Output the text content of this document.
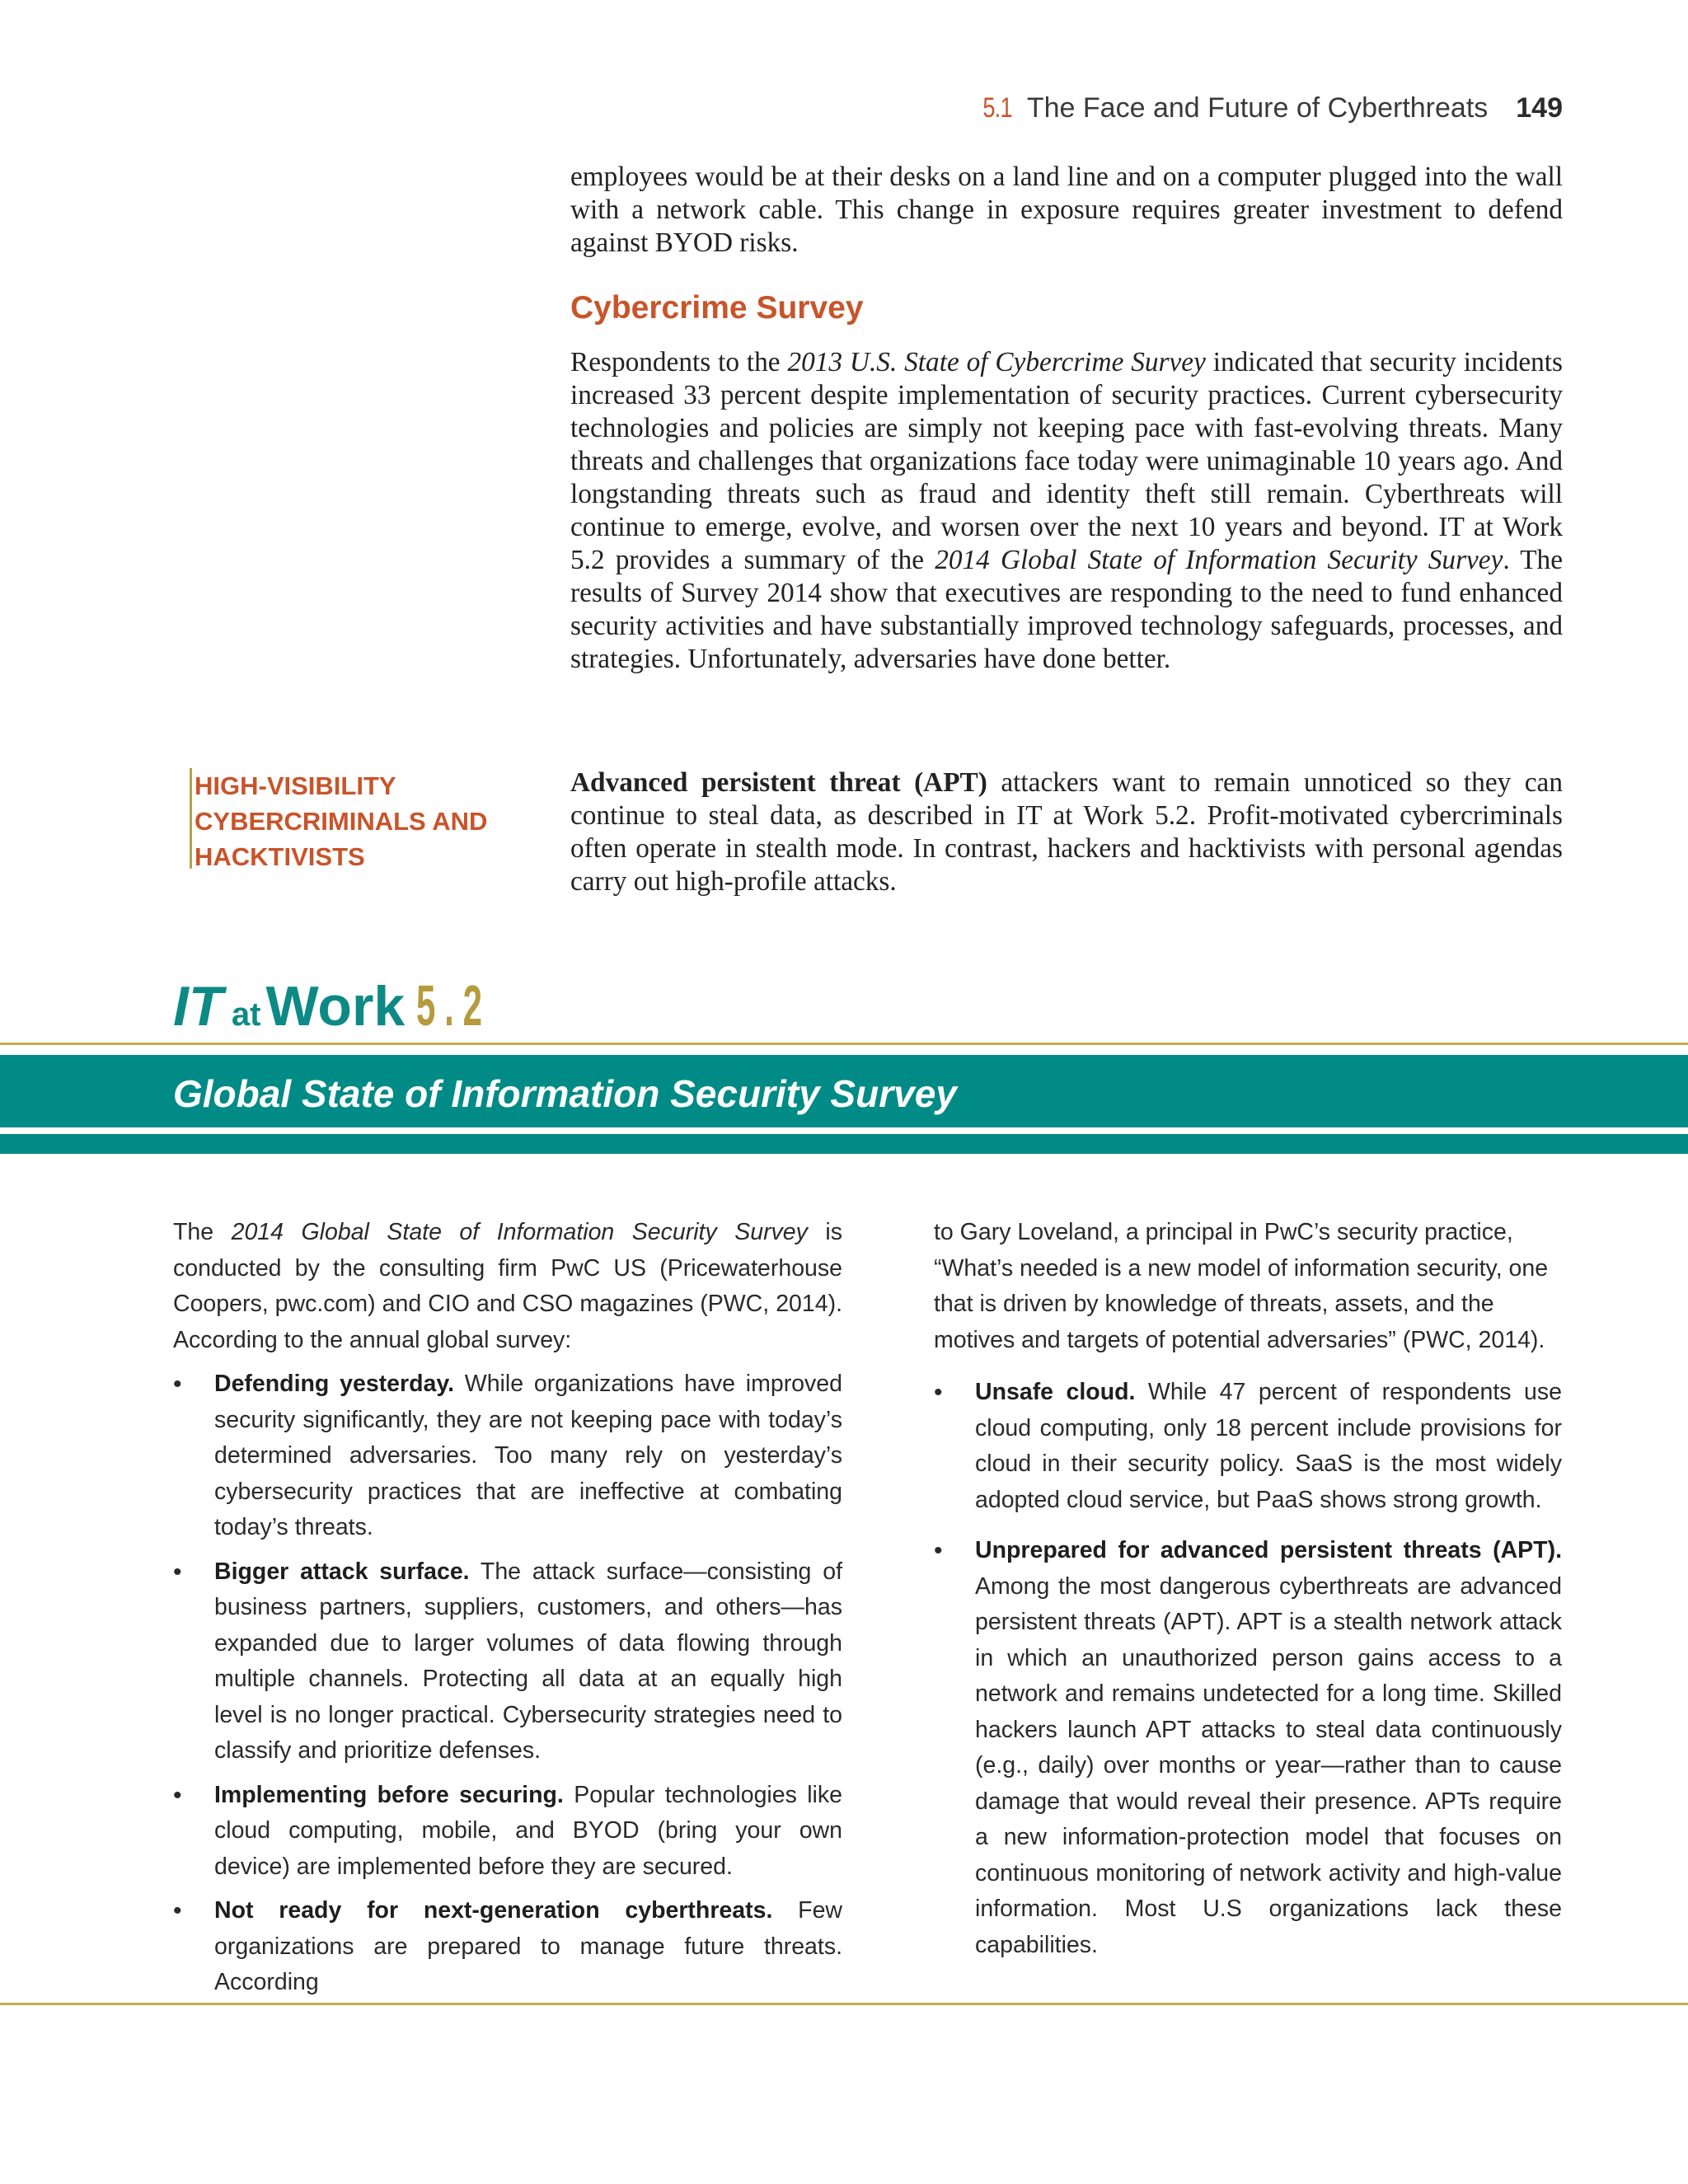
5.1 The Face and Future of Cyberthreats 149

employees would be at their desks on a land line and on a computer plugged into the wall with a network cable. This change in exposure requires greater investment to defend against BYOD risks.

Cybercrime Survey

Respondents to the 2013 U.S. State of Cybercrime Survey indicated that security incidents increased 33 percent despite implementation of security practices. Current cybersecurity technologies and policies are simply not keeping pace with fast-evolving threats. Many threats and challenges that organizations face today were unimaginable 10 years ago. And longstanding threats such as fraud and identity theft still remain. Cyberthreats will continue to emerge, evolve, and worsen over the next 10 years and beyond. IT at Work 5.2 provides a summary of the 2014 Global State of Information Security Survey. The results of Survey 2014 show that executives are responding to the need to fund enhanced security activities and have substantially improved technology safeguards, processes, and strategies. Unfortunately, adversaries have done better.

HIGH-VISIBILITY
CYBERCRIMINALS AND
HACKTIVISTS

Advanced persistent threat (APT) attackers want to remain unnoticed so they can continue to steal data, as described in IT at Work 5.2. Profit-motivated cybercriminals often operate in stealth mode. In contrast, hackers and hacktivists with personal agendas carry out high-profile attacks.

IT atWork 5.2
Global State of Information Security Survey

The 2014 Global State of Information Security Survey is conducted by the consulting firm PwC US (Pricewaterhouse Coopers, pwc.com) and CIO and CSO magazines (PWC, 2014). According to the annual global survey:

• Defending yesterday. While organizations have improved security significantly, they are not keeping pace with today’s determined adversaries. Too many rely on yesterday’s cybersecurity practices that are ineffective at combating today’s threats.
• Bigger attack surface. The attack surface—consisting of business partners, suppliers, customers, and others—has expanded due to larger volumes of data flowing through multiple channels. Protecting all data at an equally high level is no longer practical. Cybersecurity strategies need to classify and prioritize defenses.
• Implementing before securing. Popular technologies like cloud computing, mobile, and BYOD (bring your own device) are implemented before they are secured.
• Not ready for next-generation cyberthreats. Few organizations are prepared to manage future threats. According

to Gary Loveland, a principal in PwC’s security practice, “What’s needed is a new model of information security, one that is driven by knowledge of threats, assets, and the motives and targets of potential adversaries” (PWC, 2014).

• Unsafe cloud. While 47 percent of respondents use cloud computing, only 18 percent include provisions for cloud in their security policy. SaaS is the most widely adopted cloud service, but PaaS shows strong growth.
• Unprepared for advanced persistent threats (APT). Among the most dangerous cyberthreats are advanced persistent threats (APT). APT is a stealth network attack in which an unauthorized person gains access to a network and remains undetected for a long time. Skilled hackers launch APT attacks to steal data continuously (e.g., daily) over months or year—rather than to cause damage that would reveal their presence. APTs require a new information-protection model that focuses on continuous monitoring of network activity and high-value information. Most U.S organizations lack these capabilities.
